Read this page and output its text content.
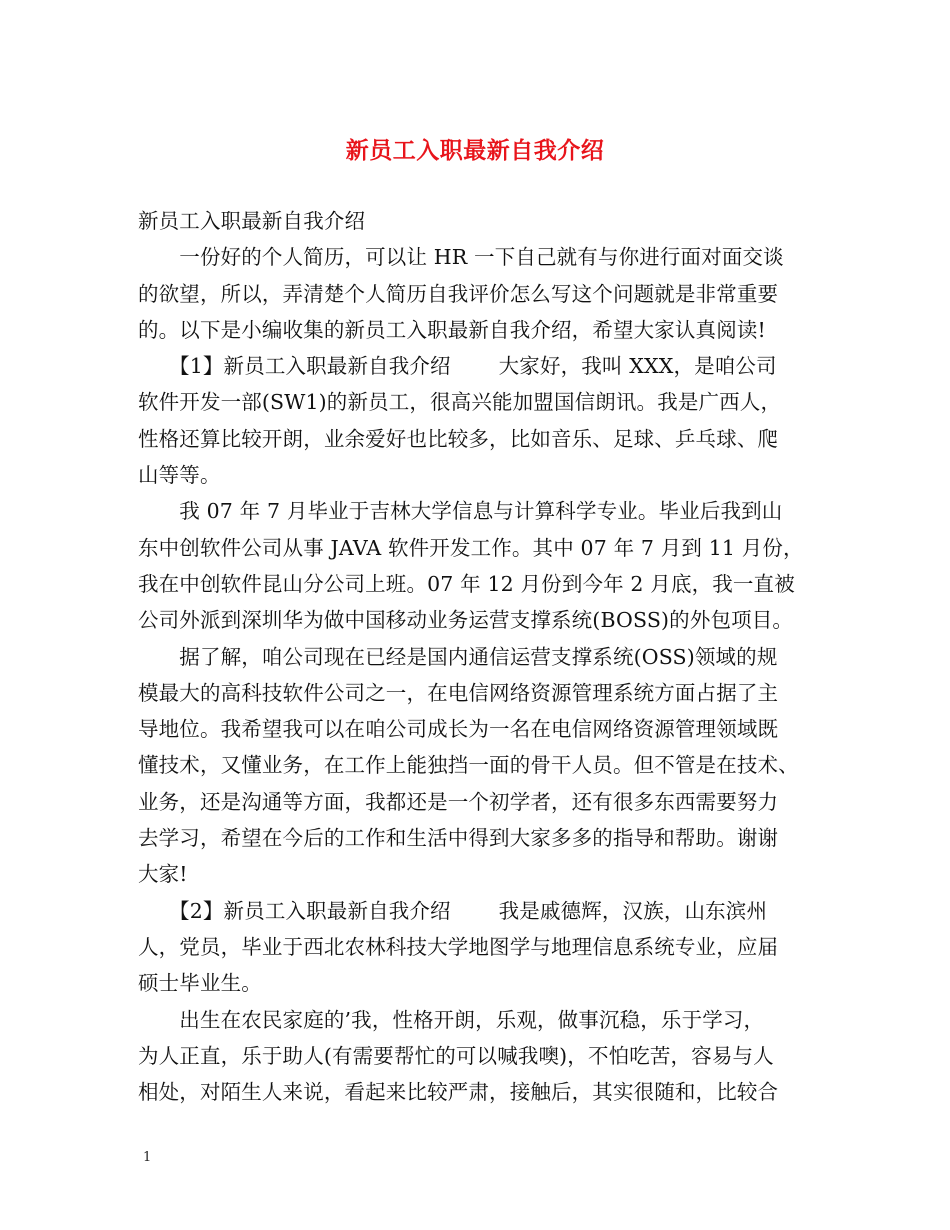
新员工入职最新自我介绍
新员工入职最新自我介绍
　　一份好的个人简历，可以让 HR 一下自己就有与你进行面对面交谈
的欲望，所以，弄清楚个人简历自我评价怎么写这个问题就是非常重要
的。以下是小编收集的新员工入职最新自我介绍，希望大家认真阅读!
　　【1】新员工入职最新自我介绍　　 大家好，我叫 XXX，是咱公司
软件开发一部(SW1)的新员工，很高兴能加盟国信朗讯。我是广西人，
性格还算比较开朗，业余爱好也比较多，比如音乐、足球、乒乓球、爬
山等等。
　　我 07 年 7 月毕业于吉林大学信息与计算科学专业。毕业后我到山
东中创软件公司从事 JAVA 软件开发工作。其中 07 年 7 月到 11 月份，
我在中创软件昆山分公司上班。07 年 12 月份到今年 2 月底，我一直被
公司外派到深圳华为做中国移动业务运营支撑系统(BOSS)的外包项目。
　　据了解，咱公司现在已经是国内通信运营支撑系统(OSS)领域的规
模最大的高科技软件公司之一，在电信网络资源管理系统方面占据了主
导地位。我希望我可以在咱公司成长为一名在电信网络资源管理领域既
懂技术，又懂业务，在工作上能独挡一面的骨干人员。但不管是在技术、
业务，还是沟通等方面，我都还是一个初学者，还有很多东西需要努力
去学习，希望在今后的工作和生活中得到大家多多的指导和帮助。谢谢
大家!
　　【2】新员工入职最新自我介绍　　 我是戚德辉，汉族，山东滨州
人，党员，毕业于西北农林科技大学地图学与地理信息系统专业，应届
硕士毕业生。
　　出生在农民家庭的’我，性格开朗，乐观，做事沉稳，乐于学习，
为人正直，乐于助人(有需要帮忙的可以喊我噢)，不怕吃苦，容易与人
相处，对陌生人来说，看起来比较严肃，接触后，其实很随和，比较合
1
